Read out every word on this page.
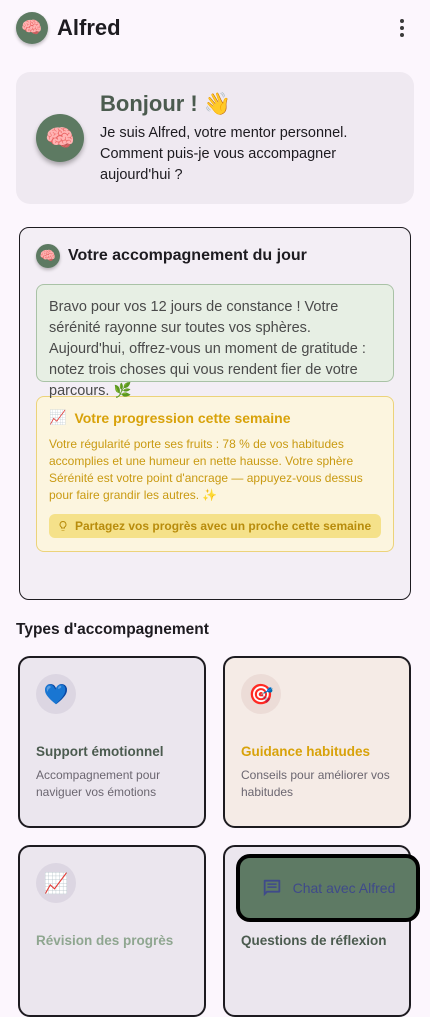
🧠 Alfred
🧠
Bonjour ! 👋
Je suis Alfred, votre mentor personnel. Comment puis-je vous accompagner aujourd'hui ?
🧠 Votre accompagnement du jour
Bravo pour vos 12 jours de constance ! Votre sérénité rayonne sur toutes vos sphères. Aujourd'hui, offrez-vous un moment de gratitude : notez trois choses qui vous rendent fier de votre parcours. 🌿
📈 Votre progression cette semaine
Votre régularité porte ses fruits : 78 % de vos habitudes accomplies et une humeur en nette hausse. Votre sphère Sérénité est votre point d'ancrage — appuyez-vous dessus pour faire grandir les autres. ✨
Partagez vos progrès avec un proche cette semaine
Types d'accompagnement
💙
Support émotionnel
Accompagnement pour naviguer vos émotions
🎯
Guidance habitudes
Conseils pour améliorer vos habitudes
📈
Révision des progrès	Questions de réflexion
Chat avec Alfred
